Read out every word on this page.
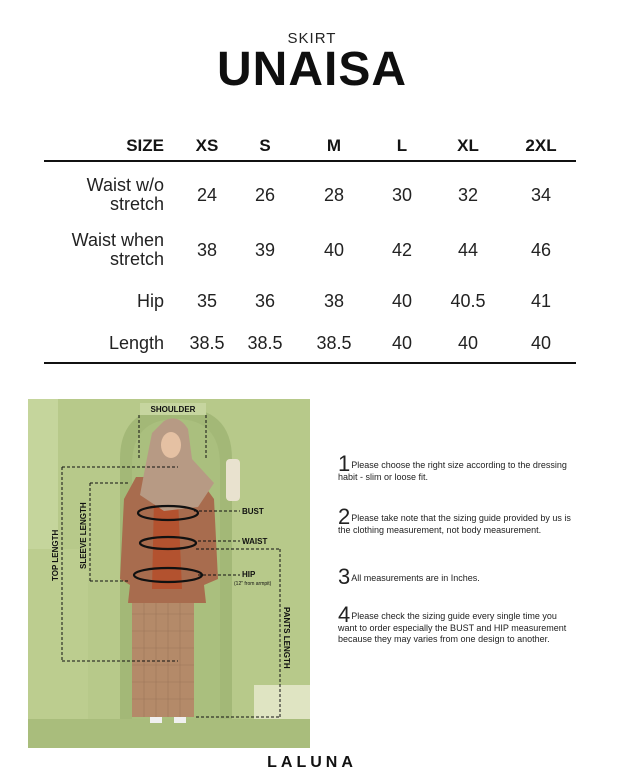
SKIRT
UNAISA
SIZE	XS	S	M	L	XL	2XL
Waist w/o stretch	24	26	28	30	32	34
Waist when stretch	38	39	40	42	44	46
Hip	35	36	38	40	40.5	41
Length	38.5	38.5	38.5	40	40	40
SHOULDER
BUST
WAIST
HIP
(12" from armpit)
TOP LENGTH SLEEVE LENGTH
PANTS LENGTH
1Please choose the right size according to the dressing habit - slim or loose fit.
2Please take note that the sizing guide provided by us is the clothing measurement, not body measurement.
3All measurements are in Inches.
4Please check the sizing guide every single time you want to order especially the BUST and HIP measurement because they may varies from one design to another.
LALUNA
